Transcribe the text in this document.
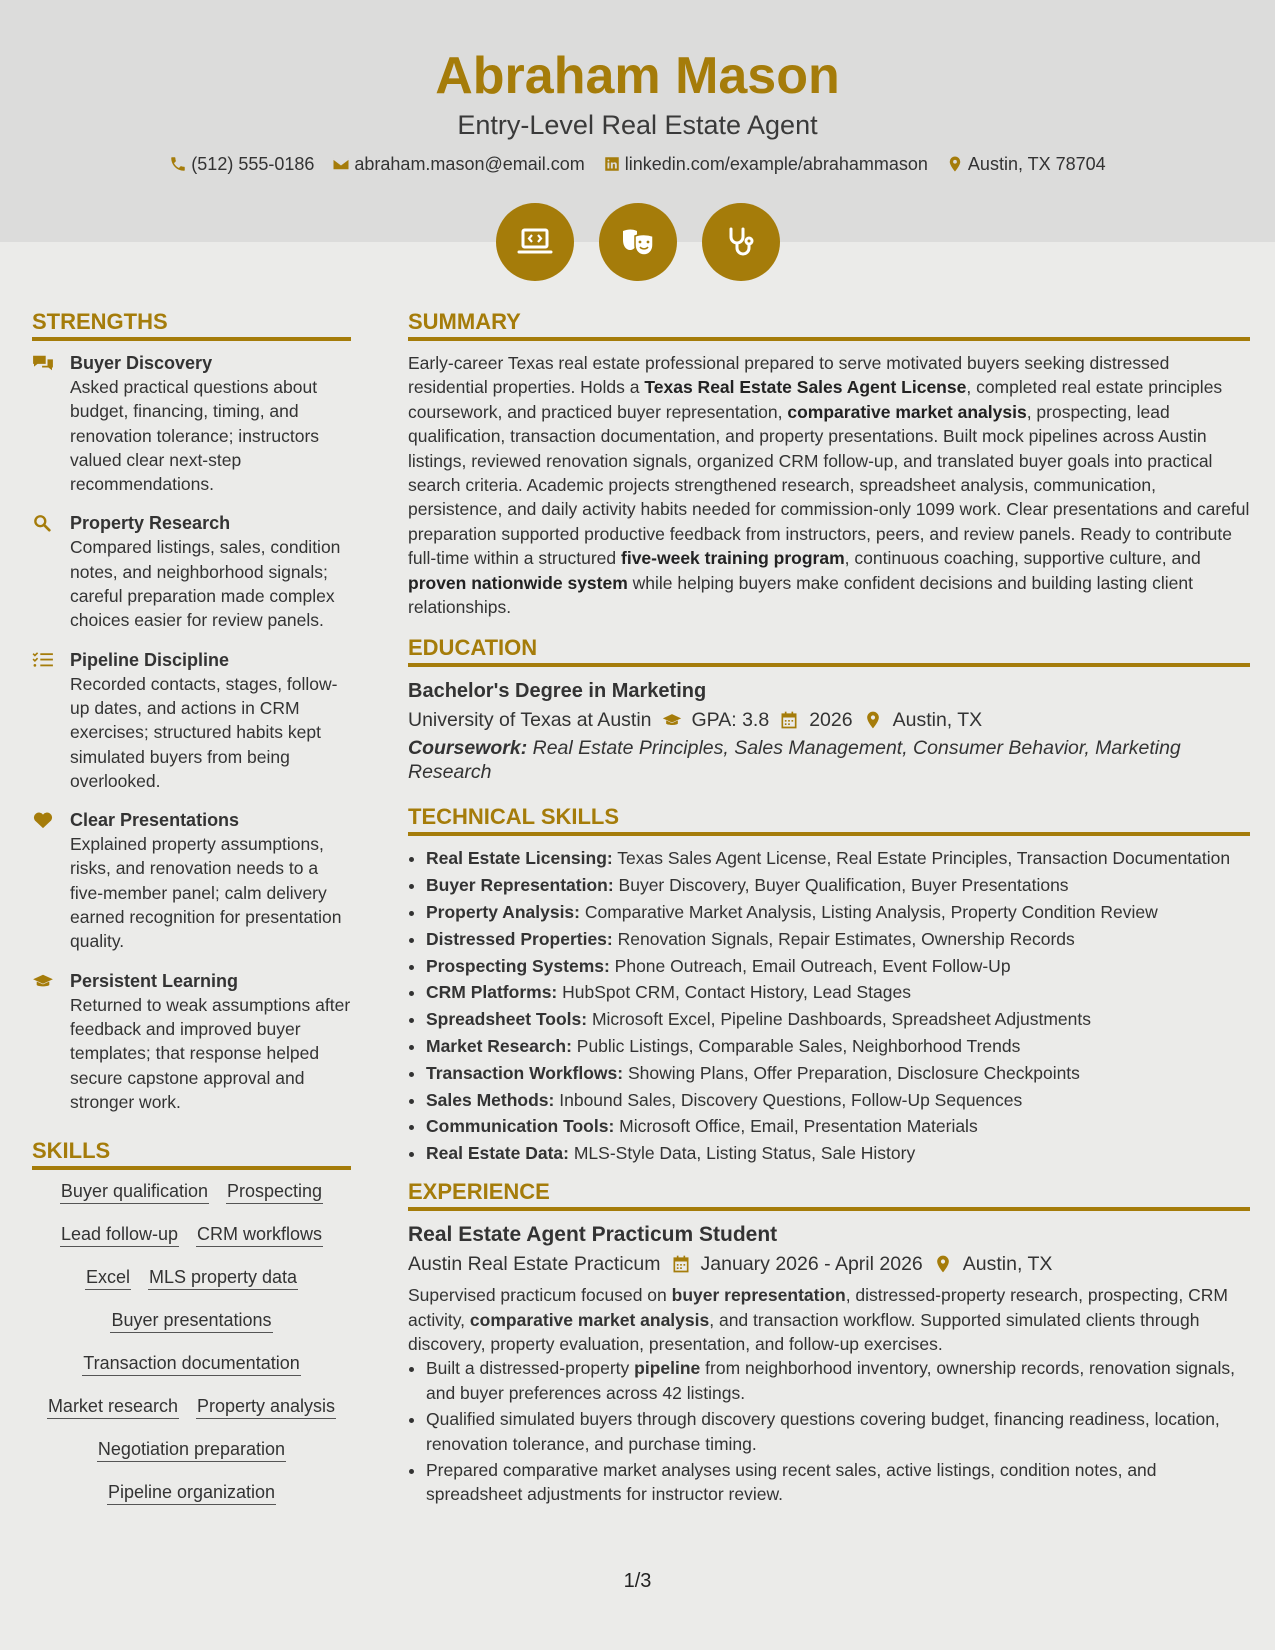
Abraham Mason
Entry-Level Real Estate Agent
(512) 555-0186 abraham.mason@email.com linkedin.com/example/abrahammason Austin, TX 78704
STRENGTHS
Buyer Discovery
Asked practical questions about budget, financing, timing, and renovation tolerance; instructors valued clear next-step recommendations.
Property Research
Compared listings, sales, condition notes, and neighborhood signals; careful preparation made complex choices easier for review panels.
Pipeline Discipline
Recorded contacts, stages, follow-up dates, and actions in CRM exercises; structured habits kept simulated buyers from being overlooked.
Clear Presentations
Explained property assumptions, risks, and renovation needs to a five-member panel; calm delivery earned recognition for presentation quality.
Persistent Learning
Returned to weak assumptions after feedback and improved buyer templates; that response helped secure capstone approval and stronger work.
SKILLS
Buyer qualification Prospecting
Lead follow-up CRM workflows
Excel MLS property data
Buyer presentations
Transaction documentation
Market research Property analysis
Negotiation preparation
Pipeline organization
SUMMARY
Early-career Texas real estate professional prepared to serve motivated buyers seeking distressed residential properties. Holds a Texas Real Estate Sales Agent License, completed real estate principles coursework, and practiced buyer representation, comparative market analysis, prospecting, lead qualification, transaction documentation, and property presentations. Built mock pipelines across Austin listings, reviewed renovation signals, organized CRM follow-up, and translated buyer goals into practical search criteria. Academic projects strengthened research, spreadsheet analysis, communication, persistence, and daily activity habits needed for commission-only 1099 work. Clear presentations and careful preparation supported productive feedback from instructors, peers, and review panels. Ready to contribute full-time within a structured five-week training program, continuous coaching, supportive culture, and proven nationwide system while helping buyers make confident decisions and building lasting client relationships.
EDUCATION
Bachelor's Degree in Marketing
University of Texas at Austin GPA: 3.8 2026 Austin, TX
Coursework: Real Estate Principles, Sales Management, Consumer Behavior, Marketing Research
TECHNICAL SKILLS
• Real Estate Licensing: Texas Sales Agent License, Real Estate Principles, Transaction Documentation
• Buyer Representation: Buyer Discovery, Buyer Qualification, Buyer Presentations
• Property Analysis: Comparative Market Analysis, Listing Analysis, Property Condition Review
• Distressed Properties: Renovation Signals, Repair Estimates, Ownership Records
• Prospecting Systems: Phone Outreach, Email Outreach, Event Follow-Up
• CRM Platforms: HubSpot CRM, Contact History, Lead Stages
• Spreadsheet Tools: Microsoft Excel, Pipeline Dashboards, Spreadsheet Adjustments
• Market Research: Public Listings, Comparable Sales, Neighborhood Trends
• Transaction Workflows: Showing Plans, Offer Preparation, Disclosure Checkpoints
• Sales Methods: Inbound Sales, Discovery Questions, Follow-Up Sequences
• Communication Tools: Microsoft Office, Email, Presentation Materials
• Real Estate Data: MLS-Style Data, Listing Status, Sale History
EXPERIENCE
Real Estate Agent Practicum Student
Austin Real Estate Practicum January 2026 - April 2026 Austin, TX
Supervised practicum focused on buyer representation, distressed-property research, prospecting, CRM activity, comparative market analysis, and transaction workflow. Supported simulated clients through discovery, property evaluation, presentation, and follow-up exercises.
• Built a distressed-property pipeline from neighborhood inventory, ownership records, renovation signals, and buyer preferences across 42 listings.
• Qualified simulated buyers through discovery questions covering budget, financing readiness, location, renovation tolerance, and purchase timing.
• Prepared comparative market analyses using recent sales, active listings, condition notes, and spreadsheet adjustments for instructor review.
1/3
